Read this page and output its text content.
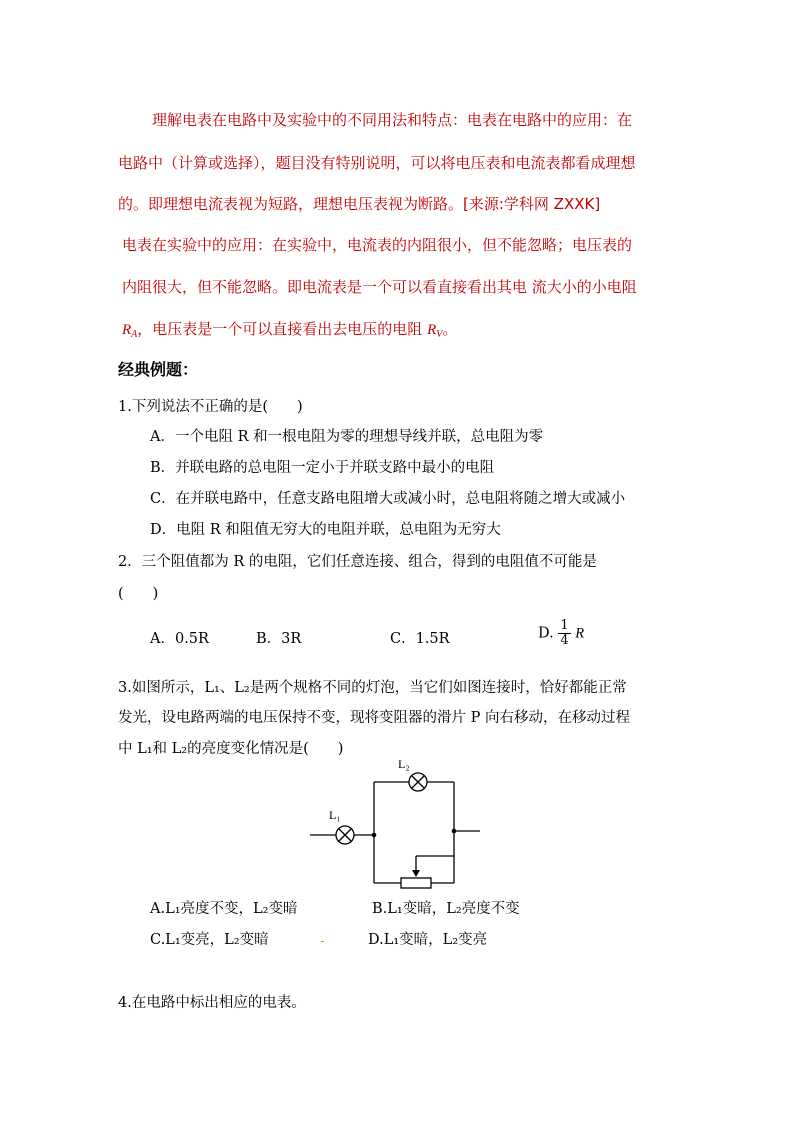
理解电表在电路中及实验中的不同用法和特点：电表在电路中的应用：在
电路中（计算或选择），题目没有特别说明，可以将电压表和电流表都看成理想
的。即理想电流表视为短路，理想电压表视为断路。[来源:学科网 ZXXK]
电表在实验中的应用：在实验中，电流表的内阻很小，但不能忽略；电压表的
内阻很大，但不能忽略。即电流表是一个可以看直接看出其电 流大小的小电阻
$R_A$，电压表是一个可以直接看出去电压的电阻 $R_V$。
经典例题：
1.下列说法不正确的是(　　)
A．一个电阻 R 和一根电阻为零的理想导线并联，总电阻为零
B．并联电路的总电阻一定小于并联支路中最小的电阻
C．在并联电路中，任意支路电阻增大或减小时，总电阻将随之增大或减小
D．电阻 R 和阻值无穷大的电阻并联，总电阻为无穷大
2．三个阻值都为 R 的电阻，它们任意连接、组合，得到的电阻值不可能是
(　　)
A．0.5R	B．3R	C．1.5R	D. $\frac{1}{4}$ R
3.如图所示，L₁、L₂是两个规格不同的灯泡，当它们如图连接时，恰好都能正常
发光，设电路两端的电压保持不变，现将变阻器的滑片 P 向右移动，在移动过程
中 L₁和 L₂的亮度变化情况是(　　)
L₁
L₂
A.L₁亮度不变，L₂变暗	B.L₁变暗，L₂亮度不变
C.L₁变亮，L₂变暗	D.L₁变暗，L₂变亮
4.在电路中标出相应的电表。
